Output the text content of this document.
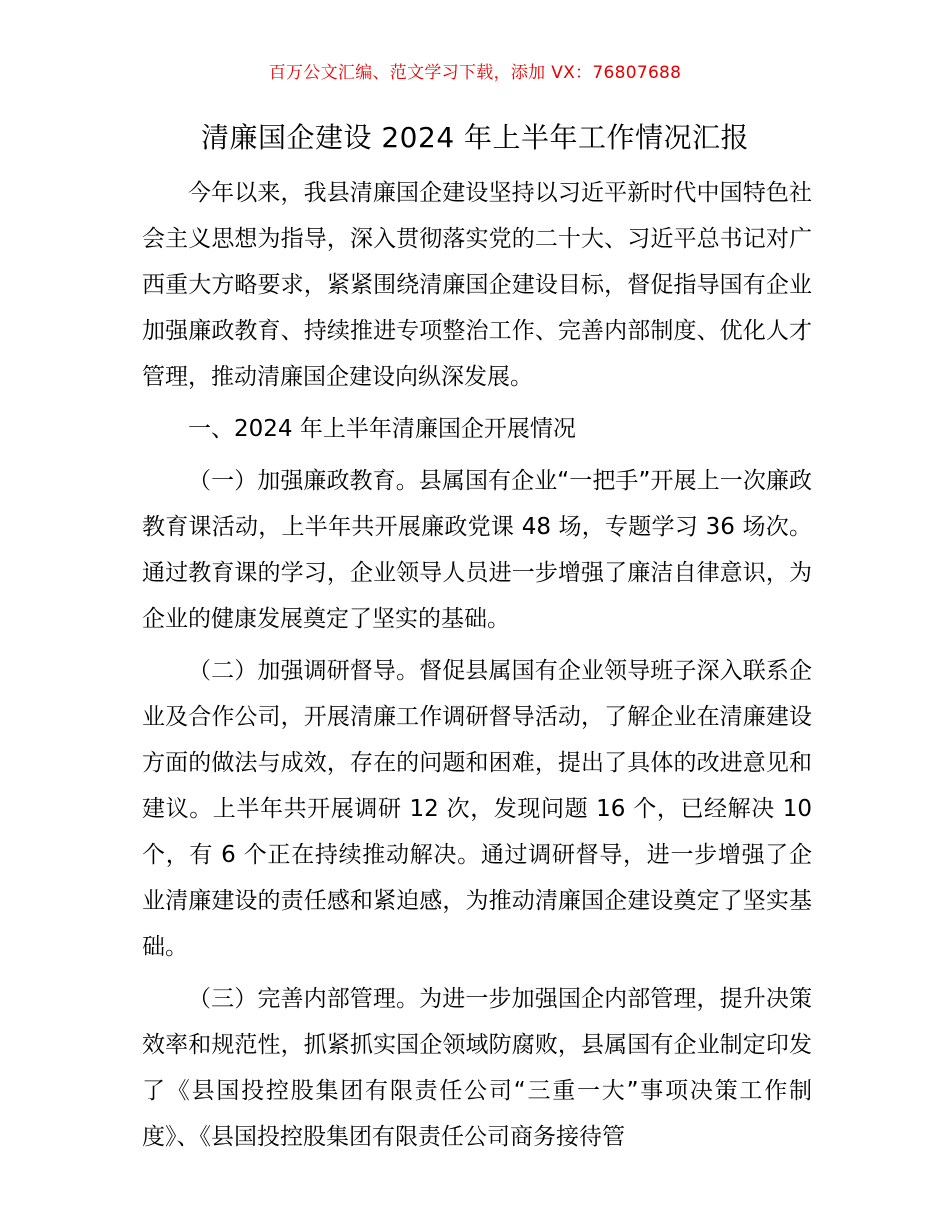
百万公文汇编、范文学习下载，添加 VX：76807688
清廉国企建设 2024 年上半年工作情况汇报

今年以来，我县清廉国企建设坚持以习近平新时代中国特色社会主义思想为指导，深入贯彻落实党的二十大、习近平总书记对广西重大方略要求，紧紧围绕清廉国企建设目标，督促指导国有企业加强廉政教育、持续推进专项整治工作、完善内部制度、优化人才管理，推动清廉国企建设向纵深发展。

一、2024 年上半年清廉国企开展情况

（一）加强廉政教育。县属国有企业“一把手”开展上一次廉政教育课活动，上半年共开展廉政党课 48 场，专题学习 36 场次。通过教育课的学习，企业领导人员进一步增强了廉洁自律意识，为企业的健康发展奠定了坚实的基础。

（二）加强调研督导。督促县属国有企业领导班子深入联系企业及合作公司，开展清廉工作调研督导活动，了解企业在清廉建设方面的做法与成效，存在的问题和困难，提出了具体的改进意见和建议。上半年共开展调研 12 次，发现问题 16 个，已经解决 10 个，有 6 个正在持续推动解决。通过调研督导，进一步增强了企业清廉建设的责任感和紧迫感，为推动清廉国企建设奠定了坚实基础。

（三）完善内部管理。为进一步加强国企内部管理，提升决策效率和规范性，抓紧抓实国企领域防腐败，县属国有企业制定印发了《县国投控股集团有限责任公司“三重一大”事项决策工作制度》、《县国投控股集团有限责任公司商务接待管
